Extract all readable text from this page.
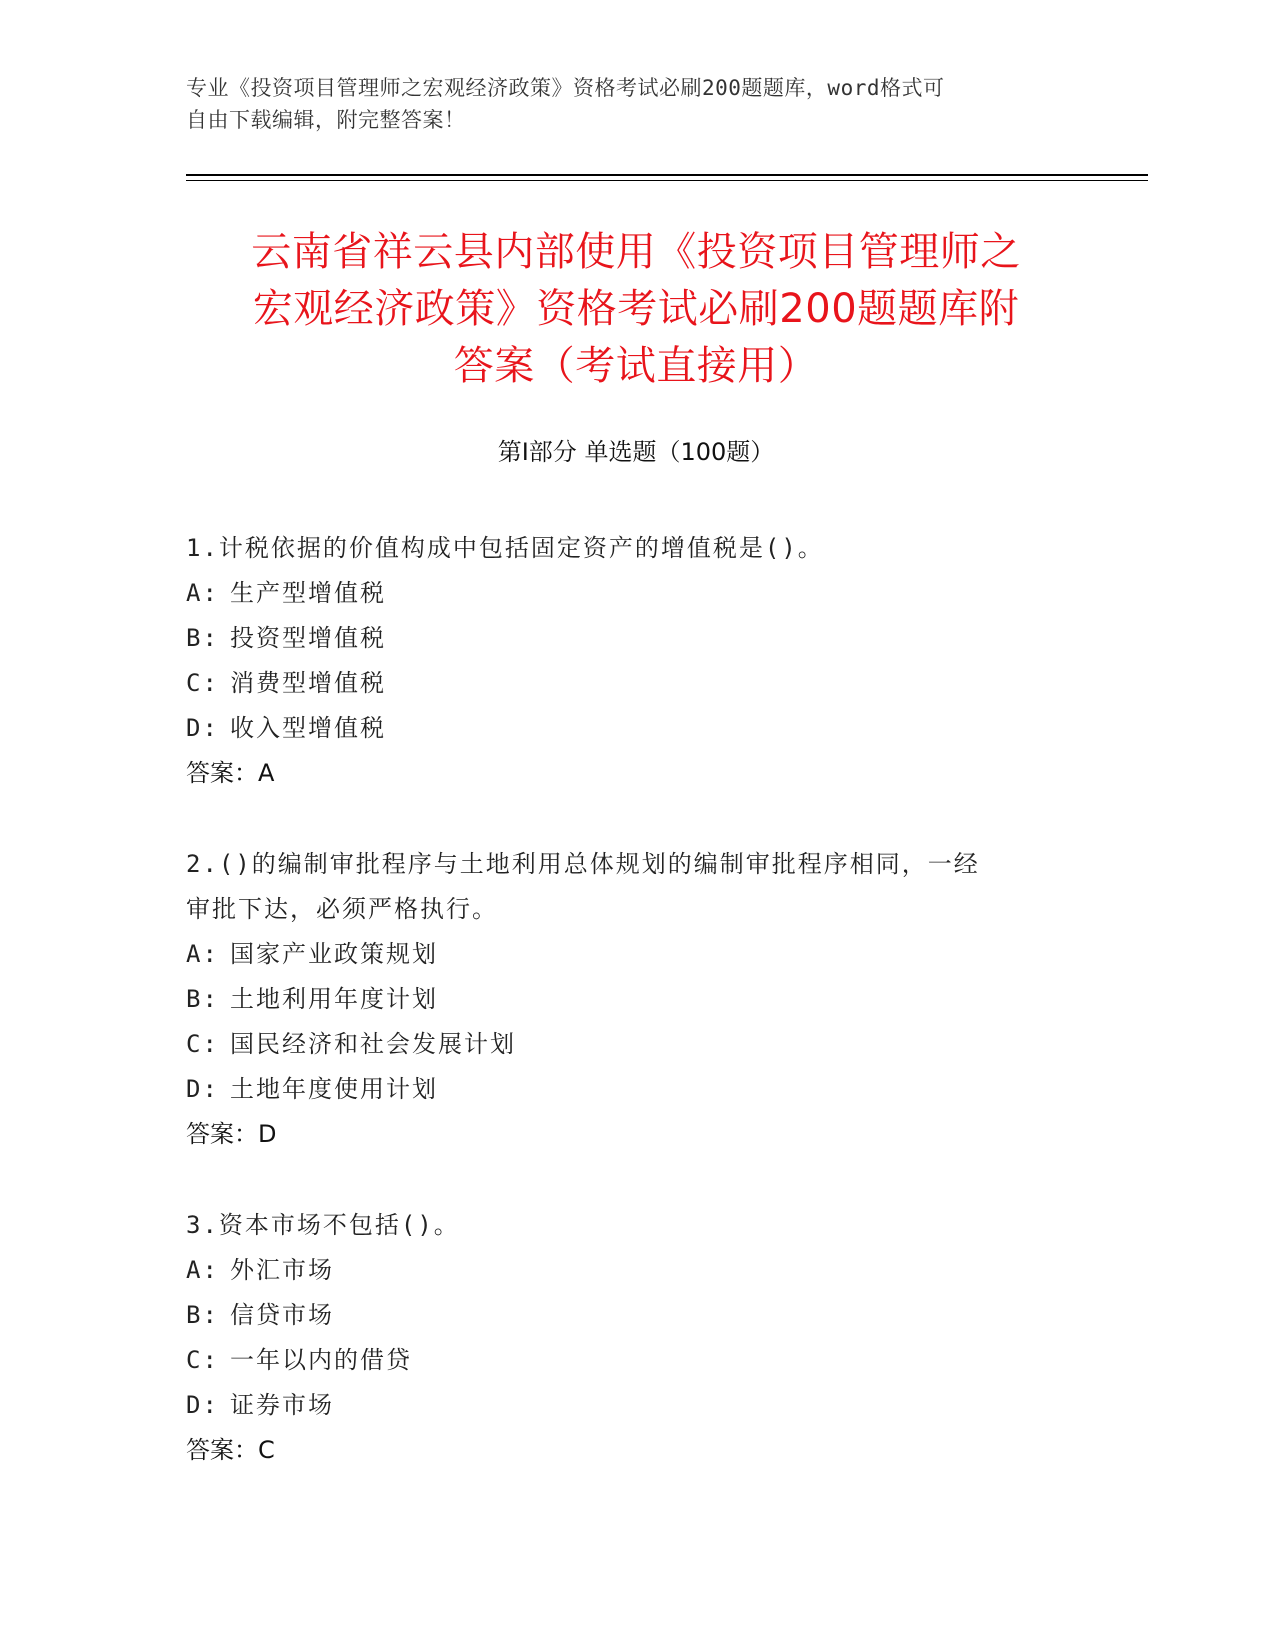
专业《投资项目管理师之宏观经济政策》资格考试必刷200题题库，word格式可
自由下载编辑，附完整答案！
云南省祥云县内部使用《投资项目管理师之
宏观经济政策》资格考试必刷200题题库附
答案（考试直接用）
第I部分 单选题（100题）
1.计税依据的价值构成中包括固定资产的增值税是()。
A: 生产型增值税
B: 投资型增值税
C: 消费型增值税
D: 收入型增值税
答案：A
2.()的编制审批程序与土地利用总体规划的编制审批程序相同，一经
审批下达，必须严格执行。
A: 国家产业政策规划
B: 土地利用年度计划
C: 国民经济和社会发展计划
D: 土地年度使用计划
答案：D
3.资本市场不包括()。
A: 外汇市场
B: 信贷市场
C: 一年以内的借贷
D: 证券市场
答案：C
